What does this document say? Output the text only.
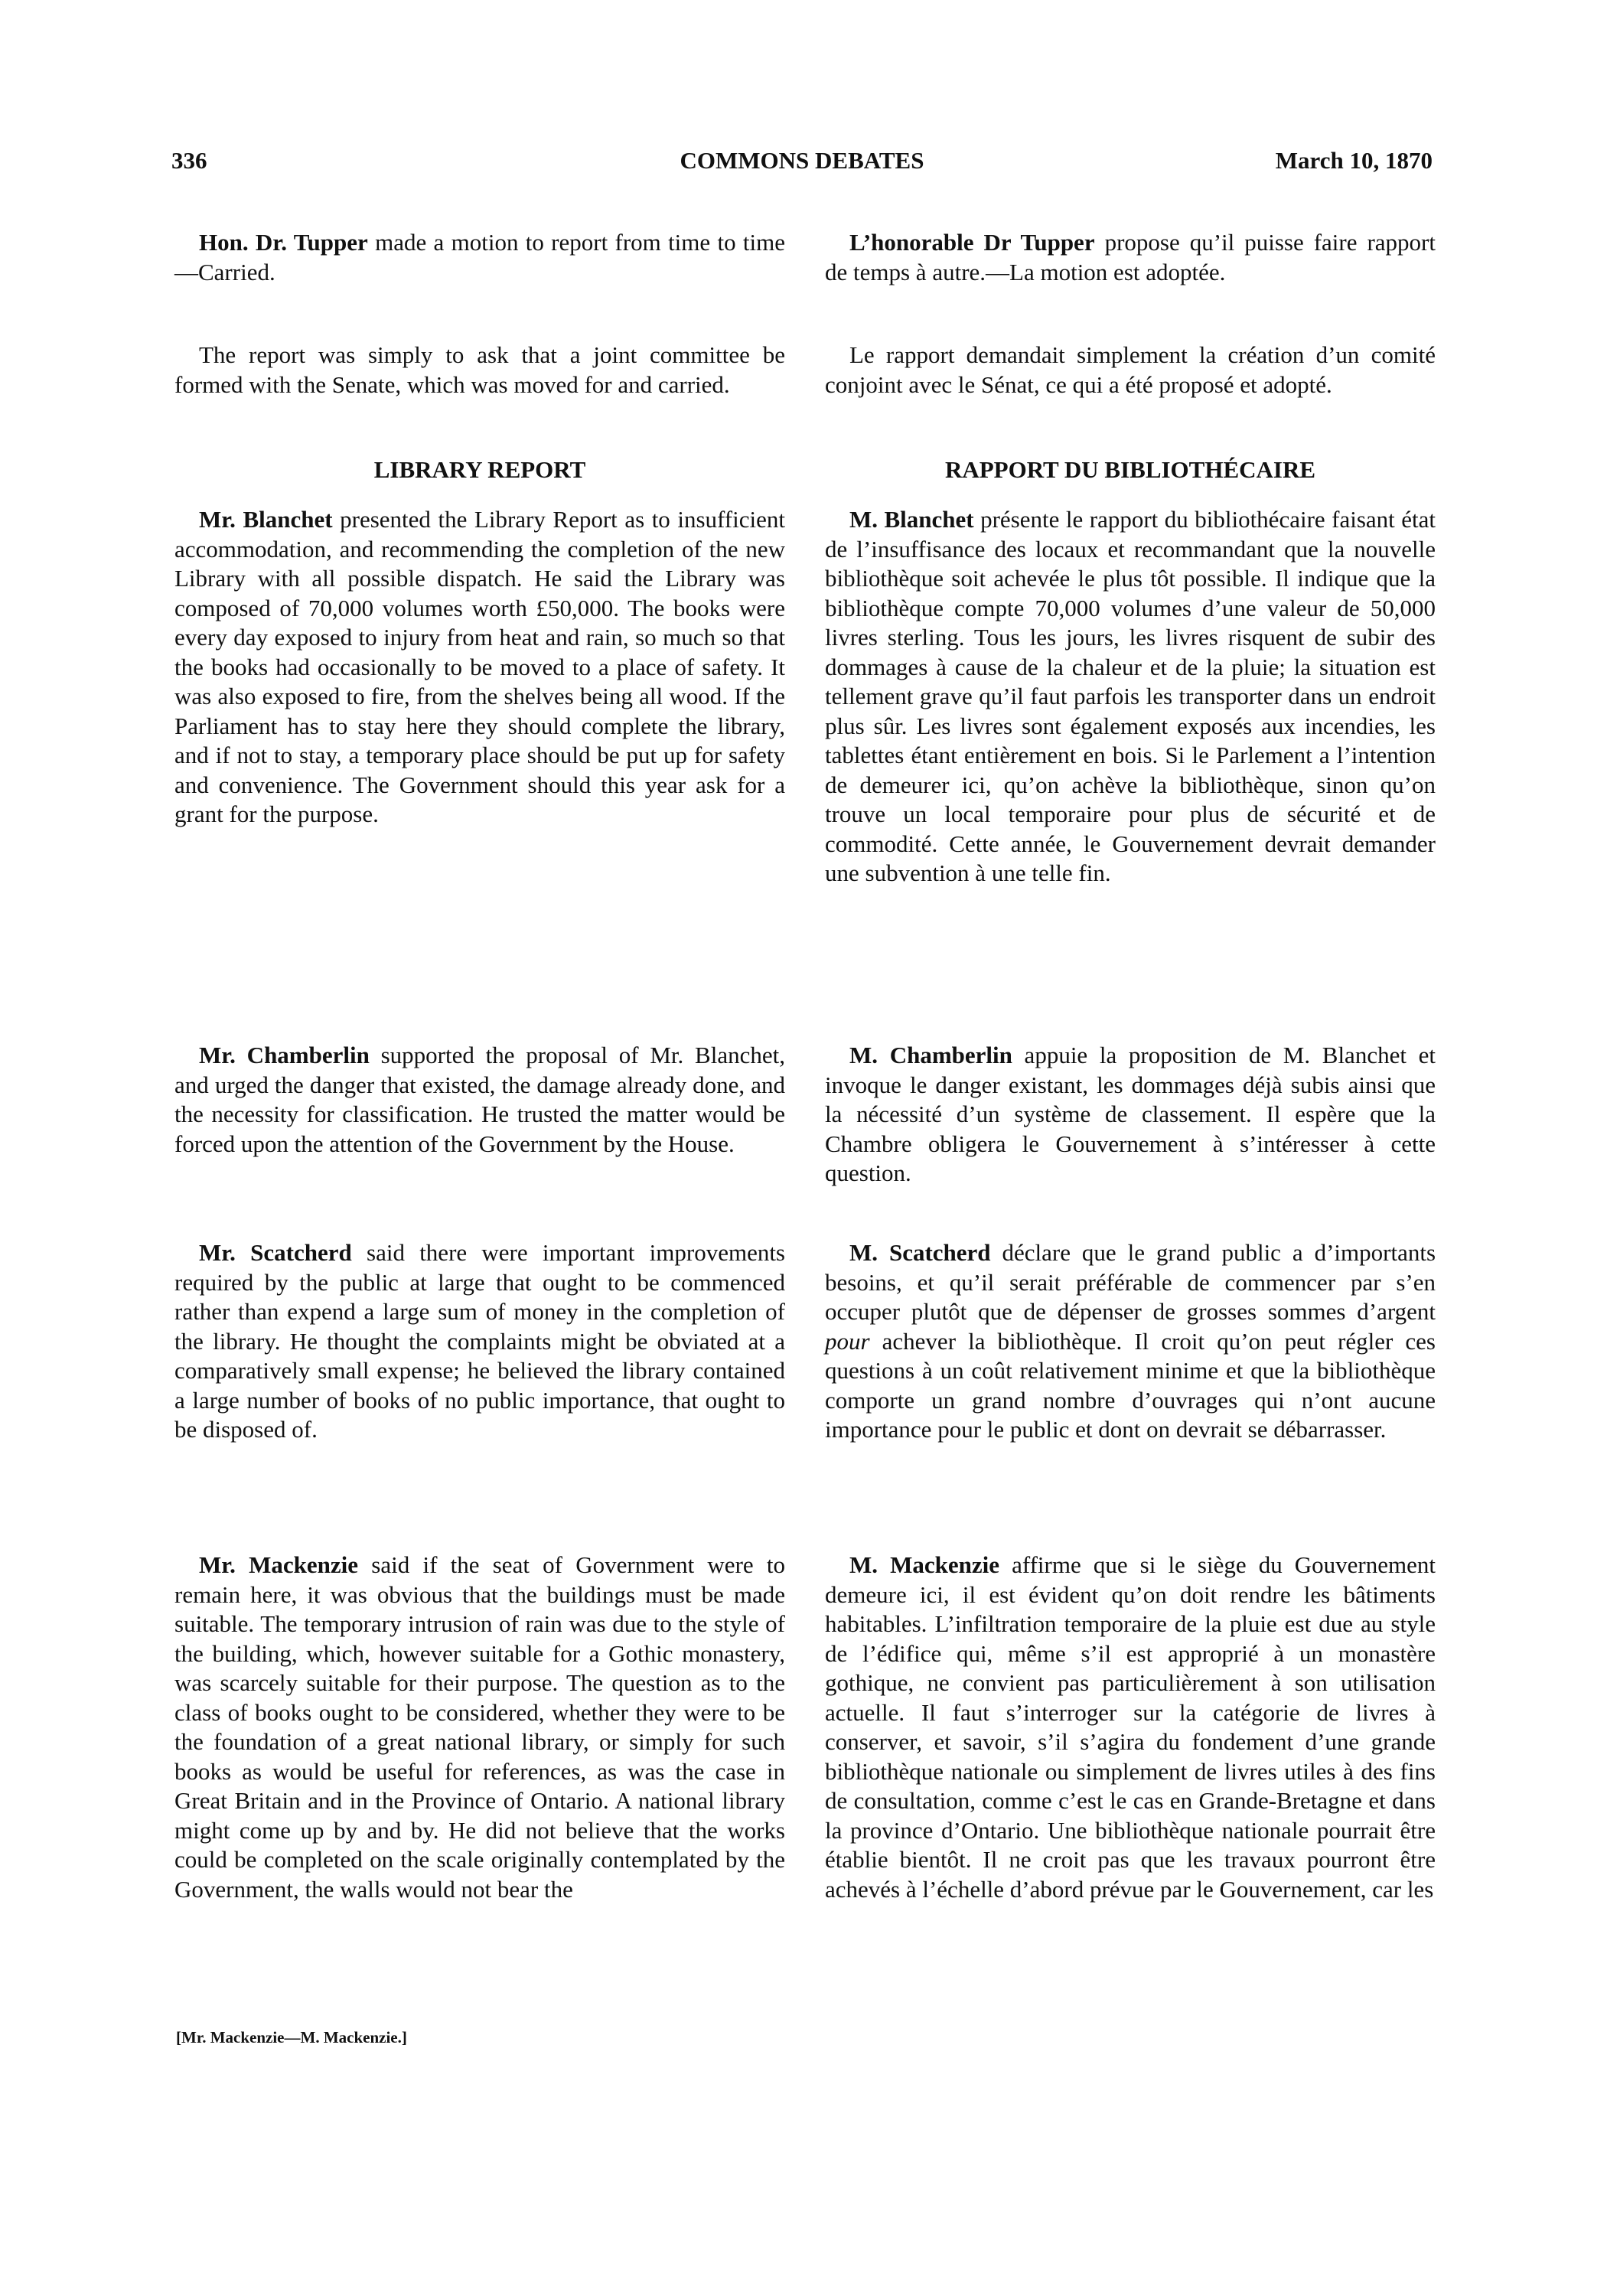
336	COMMONS DEBATES	March 10, 1870

Hon. Dr. Tupper made a motion to report from time to time—Carried.

The report was simply to ask that a joint committee be formed with the Senate, which was moved for and carried.

LIBRARY REPORT

Mr. Blanchet presented the Library Report as to insufficient accommodation, and recommending the completion of the new Library with all possible dispatch. He said the Library was composed of 70,000 volumes worth £50,000. The books were every day exposed to injury from heat and rain, so much so that the books had occasionally to be moved to a place of safety. It was also exposed to fire, from the shelves being all wood. If the Parliament has to stay here they should complete the library, and if not to stay, a temporary place should be put up for safety and convenience. The Government should this year ask for a grant for the purpose.

Mr. Chamberlin supported the proposal of Mr. Blanchet, and urged the danger that existed, the damage already done, and the necessity for classification. He trusted the matter would be forced upon the attention of the Government by the House.

Mr. Scatcherd said there were important improvements required by the public at large that ought to be commenced rather than expend a large sum of money in the completion of the library. He thought the complaints might be obviated at a comparatively small expense; he believed the library contained a large number of books of no public importance, that ought to be disposed of.

Mr. Mackenzie said if the seat of Government were to remain here, it was obvious that the buildings must be made suitable. The temporary intrusion of rain was due to the style of the building, which, however suitable for a Gothic monastery, was scarcely suitable for their purpose. The question as to the class of books ought to be considered, whether they were to be the foundation of a great national library, or simply for such books as would be useful for references, as was the case in Great Britain and in the Province of Ontario. A national library might come up by and by. He did not believe that the works could be completed on the scale originally contemplated by the Government, the walls would not bear the

L’honorable Dr Tupper propose qu’il puisse faire rapport de temps à autre.—La motion est adoptée.

Le rapport demandait simplement la création d’un comité conjoint avec le Sénat, ce qui a été proposé et adopté.

RAPPORT DU BIBLIOTHÉCAIRE

M. Blanchet présente le rapport du bibliothécaire faisant état de l’insuffisance des locaux et recommandant que la nouvelle bibliothèque soit achevée le plus tôt possible. Il indique que la bibliothèque compte 70,000 volumes d’une valeur de 50,000 livres sterling. Tous les jours, les livres risquent de subir des dommages à cause de la chaleur et de la pluie; la situation est tellement grave qu’il faut parfois les transporter dans un endroit plus sûr. Les livres sont également exposés aux incendies, les tablettes étant entièrement en bois. Si le Parlement a l’intention de demeurer ici, qu’on achève la bibliothèque, sinon qu’on trouve un local temporaire pour plus de sécurité et de commodité. Cette année, le Gouvernement devrait demander une subvention à une telle fin.

M. Chamberlin appuie la proposition de M. Blanchet et invoque le danger existant, les dommages déjà subis ainsi que la nécessité d’un système de classement. Il espère que la Chambre obligera le Gouvernement à s’intéresser à cette question.

M. Scatcherd déclare que le grand public a d’importants besoins, et qu’il serait préférable de commencer par s’en occuper plutôt que de dépenser de grosses sommes d’argent pour achever la bibliothèque. Il croit qu’on peut régler ces questions à un coût relativement minime et que la bibliothèque comporte un grand nombre d’ouvrages qui n’ont aucune importance pour le public et dont on devrait se débarrasser.

M. Mackenzie affirme que si le siège du Gouvernement demeure ici, il est évident qu’on doit rendre les bâtiments habitables. L’infiltration temporaire de la pluie est due au style de l’édifice qui, même s’il est approprié à un monastère gothique, ne convient pas particulièrement à son utilisation actuelle. Il faut s’interroger sur la catégorie de livres à conserver, et savoir, s’il s’agira du fondement d’une grande bibliothèque nationale ou simplement de livres utiles à des fins de consultation, comme c’est le cas en Grande-Bretagne et dans la province d’Ontario. Une bibliothèque nationale pourrait être établie bientôt. Il ne croit pas que les travaux pourront être achevés à l’échelle d’abord prévue par le Gouvernement, car les

[Mr. Mackenzie—M. Mackenzie.]
